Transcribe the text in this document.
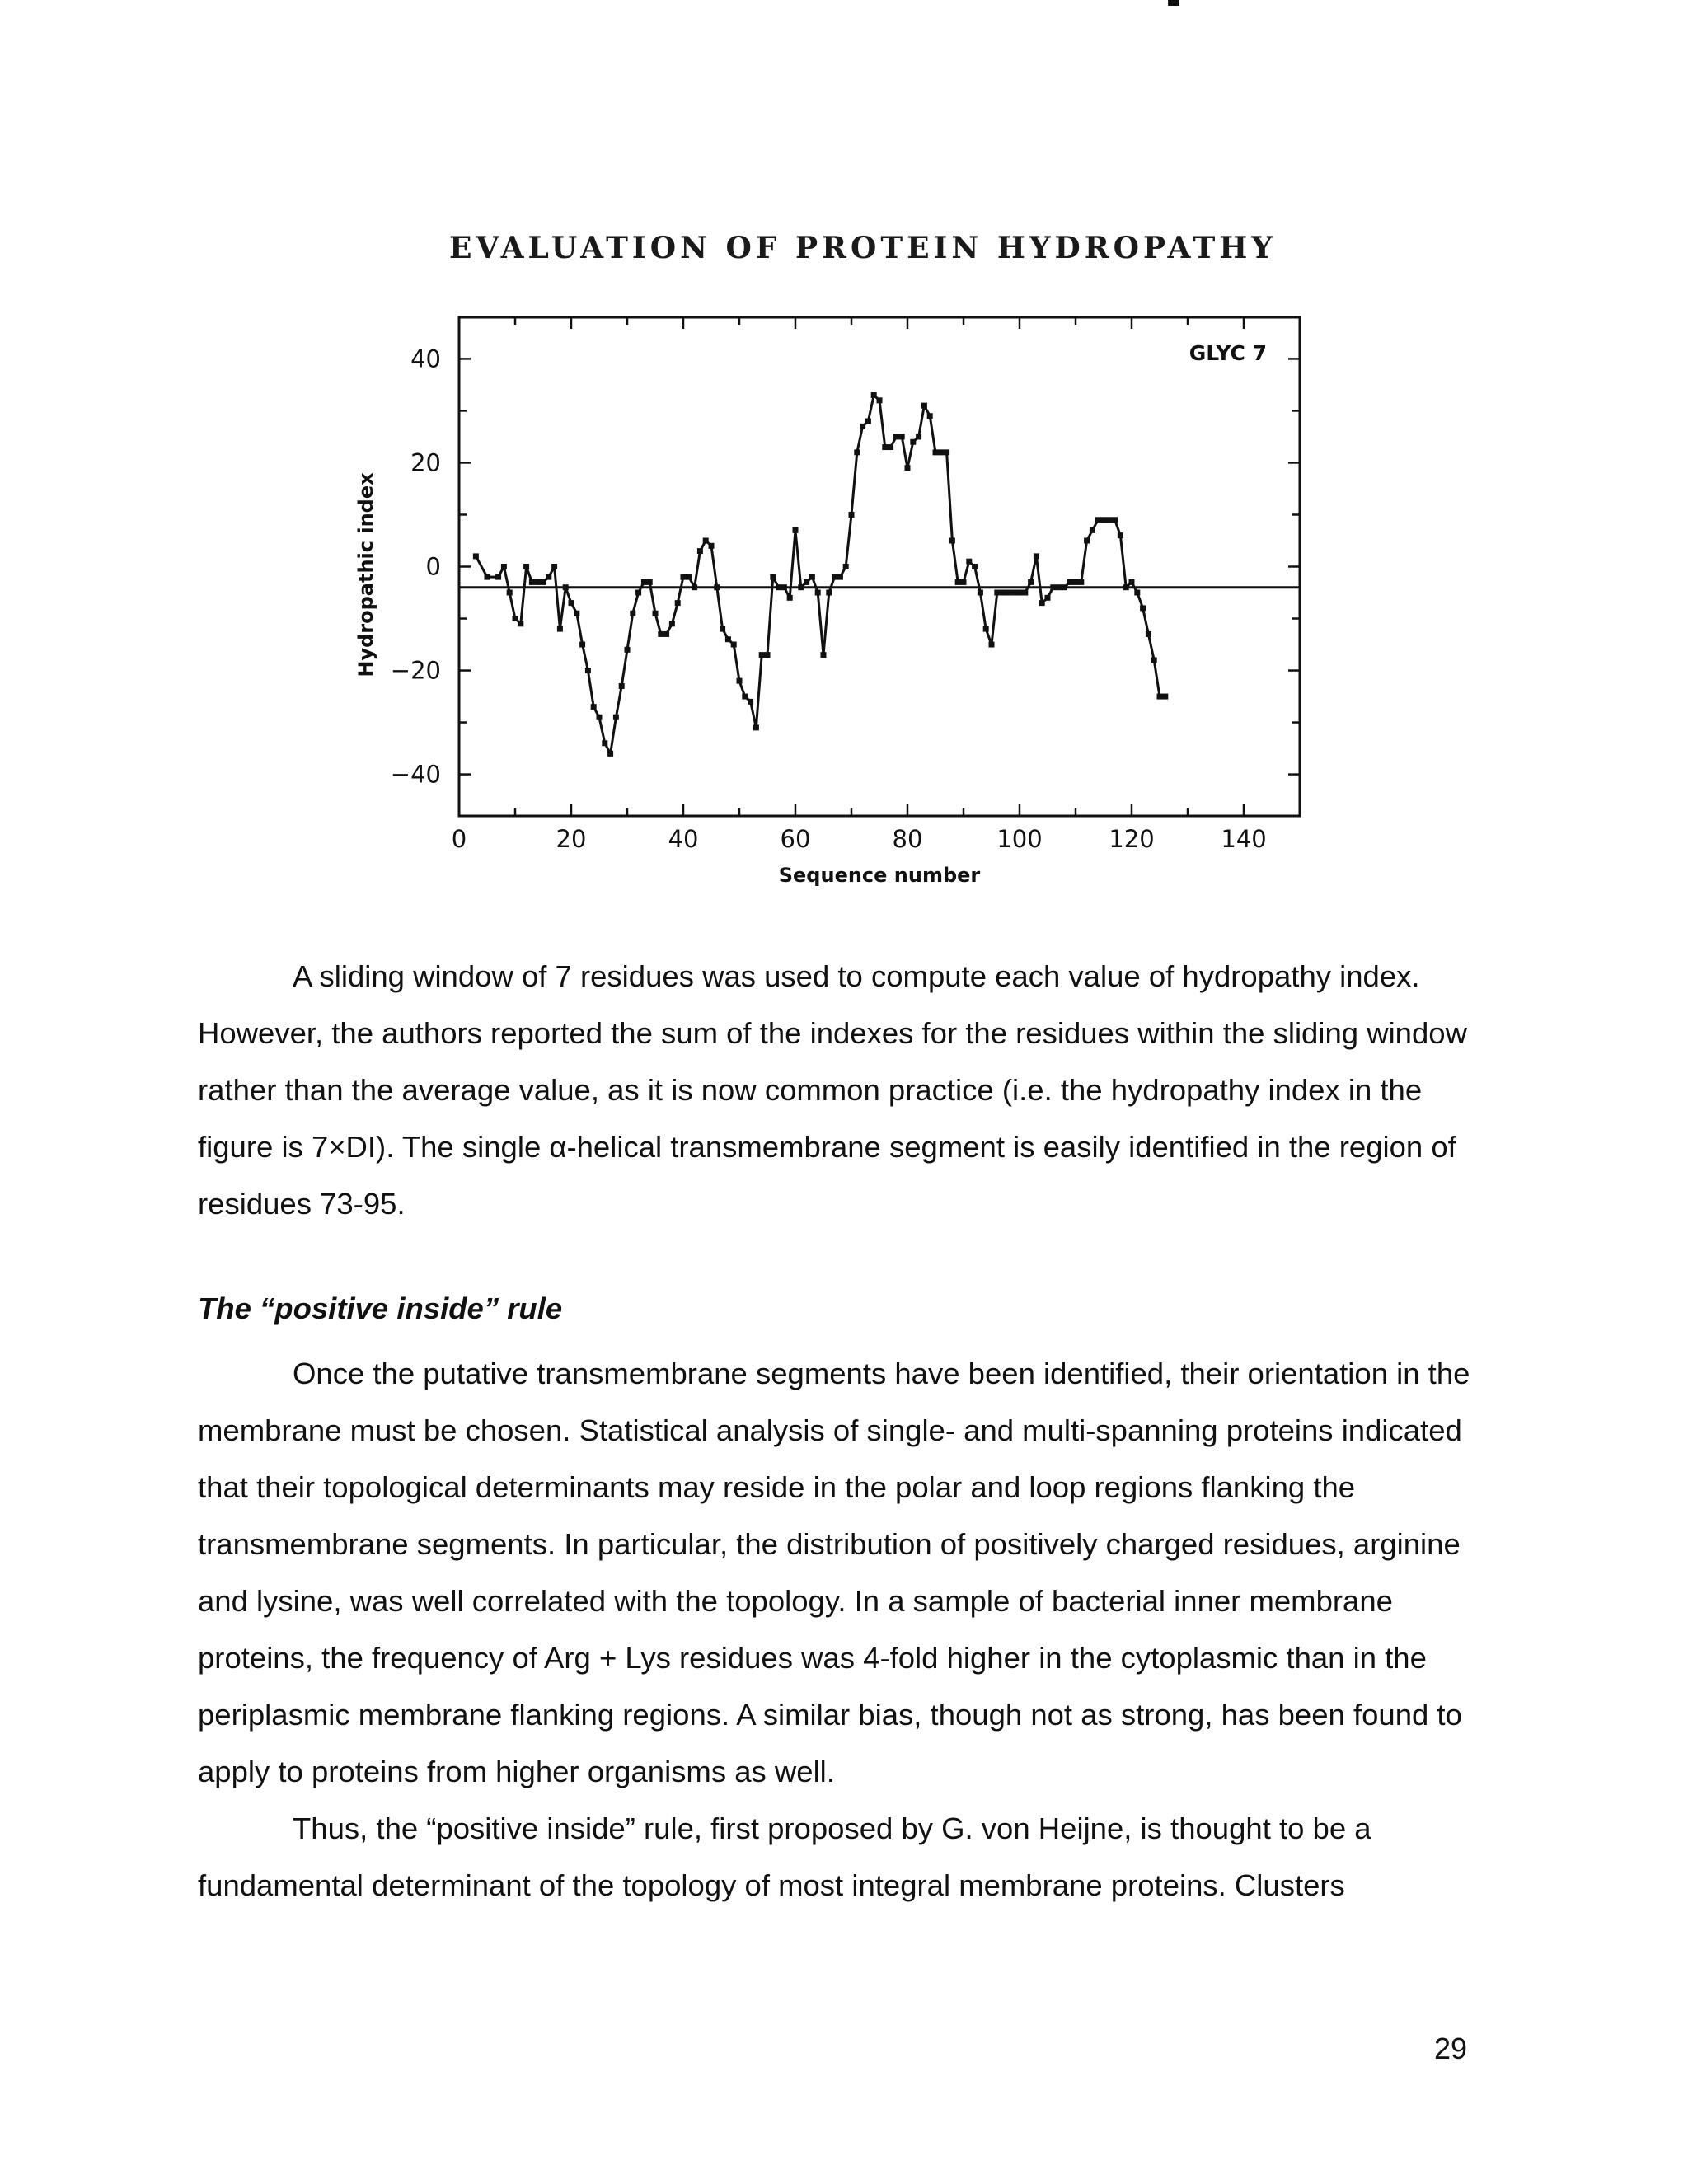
EVALUATION OF PROTEIN HYDROPATHY
0	20	40	60	80	100	120	140
−40
−20
0
20
40
Sequence number
Hydropathic index
GLYC 7

A sliding window of 7 residues was used to compute each value of hydropathy index. However, the authors reported the sum of the indexes for the residues within the sliding window rather than the average value, as it is now common practice (i.e. the hydropathy index in the figure is 7×DI). The single α-helical transmembrane segment is easily identified in the region of residues 73-95.

The “positive inside” rule

Once the putative transmembrane segments have been identified, their orientation in the membrane must be chosen. Statistical analysis of single- and multi-spanning proteins indicated that their topological determinants may reside in the polar and loop regions flanking the transmembrane segments. In particular, the distribution of positively charged residues, arginine and lysine, was well correlated with the topology. In a sample of bacterial inner membrane proteins, the frequency of Arg + Lys residues was 4-fold higher in the cytoplasmic than in the periplasmic membrane flanking regions. A similar bias, though not as strong, has been found to apply to proteins from higher organisms as well.

Thus, the “positive inside” rule, first proposed by G. von Heijne, is thought to be a fundamental determinant of the topology of most integral membrane proteins. Clusters

29
